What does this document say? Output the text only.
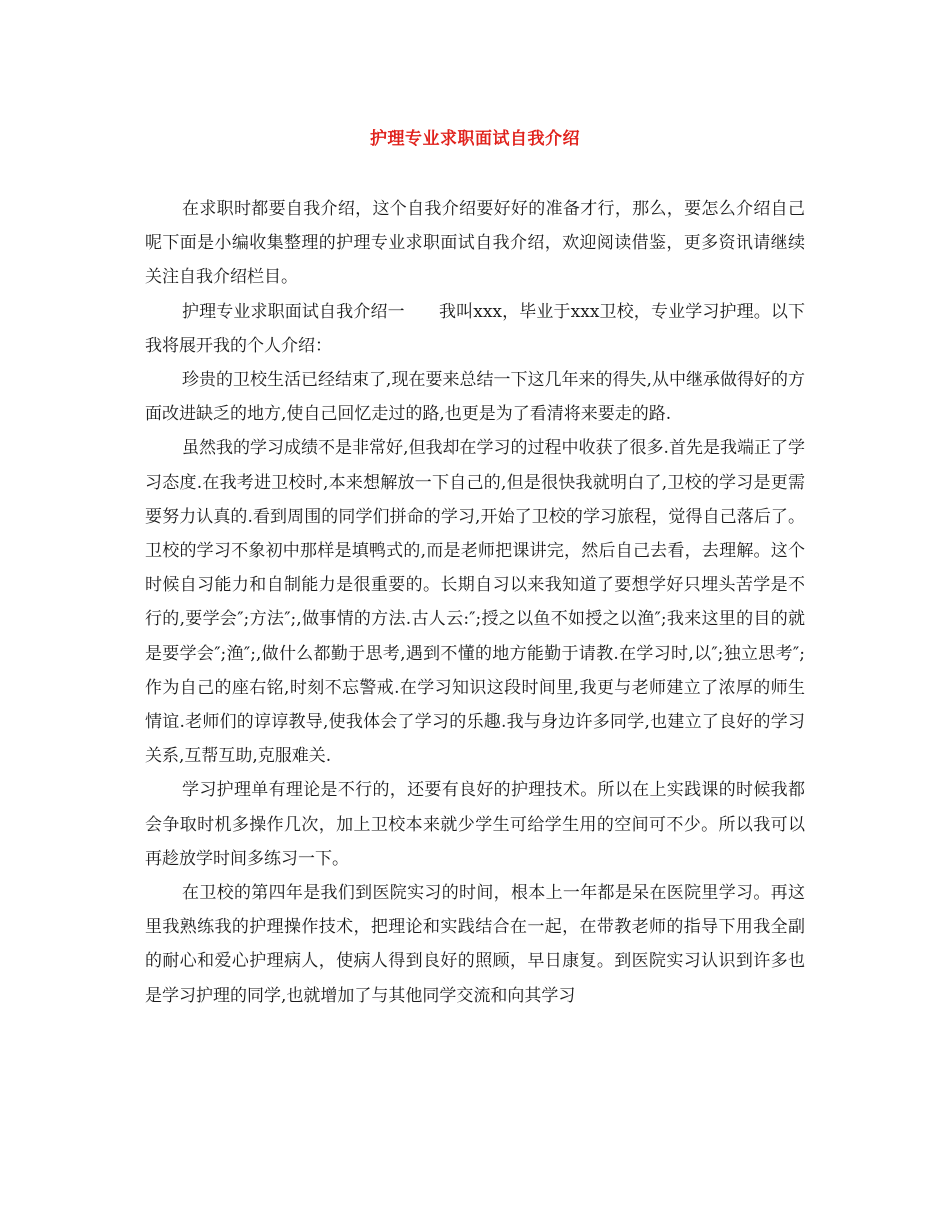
护理专业求职面试自我介绍

在求职时都要自我介绍，这个自我介绍要好好的准备才行，那么，要怎么介绍自己呢下面是小编收集整理的护理专业求职面试自我介绍，欢迎阅读借鉴，更多资讯请继续关注自我介绍栏目。

护理专业求职面试自我介绍一　　我叫xxx，毕业于xxx卫校，专业学习护理。以下我将展开我的个人介绍：

珍贵的卫校生活已经结束了,现在要来总结一下这几年来的得失,从中继承做得好的方面改进缺乏的地方,使自己回忆走过的路,也更是为了看清将来要走的路.

虽然我的学习成绩不是非常好,但我却在学习的过程中收获了很多.首先是我端正了学习态度.在我考进卫校时,本来想解放一下自己的,但是很快我就明白了,卫校的学习是更需要努力认真的.看到周围的同学们拼命的学习,开始了卫校的学习旅程，觉得自己落后了。卫校的学习不象初中那样是填鸭式的,而是老师把课讲完，然后自己去看，去理解。这个时候自习能力和自制能力是很重要的。长期自习以来我知道了要想学好只埋头苦学是不行的,要学会″;方法″;,做事情的方法.古人云:″;授之以鱼不如授之以渔″;我来这里的目的就是要学会″;渔″;,做什么都勤于思考,遇到不懂的地方能勤于请教.在学习时,以″;独立思考″;作为自己的座右铭,时刻不忘警戒.在学习知识这段时间里,我更与老师建立了浓厚的师生情谊.老师们的谆谆教导,使我体会了学习的乐趣.我与身边许多同学,也建立了良好的学习关系,互帮互助,克服难关.

学习护理单有理论是不行的，还要有良好的护理技术。所以在上实践课的时候我都会争取时机多操作几次，加上卫校本来就少学生可给学生用的空间可不少。所以我可以再趁放学时间多练习一下。

在卫校的第四年是我们到医院实习的时间，根本上一年都是呆在医院里学习。再这里我熟练我的护理操作技术，把理论和实践结合在一起，在带教老师的指导下用我全副的耐心和爱心护理病人，使病人得到良好的照顾，早日康复。到医院实习认识到许多也是学习护理的同学,也就增加了与其他同学交流和向其学习
